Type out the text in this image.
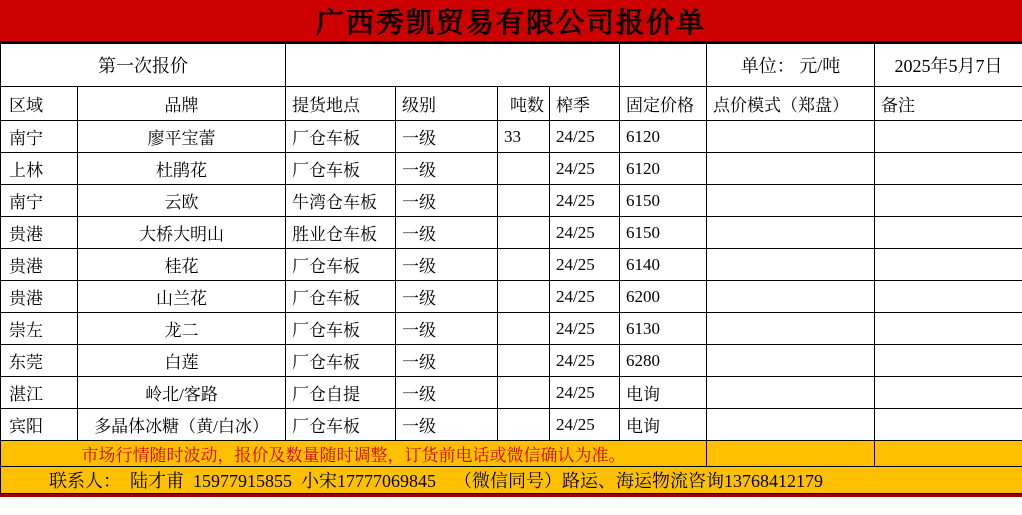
广西秀凯贸易有限公司报价单
第一次报价							单位： 元/吨	2025年5月7日
区域	品牌	提货地点	级别	吨数	榨季	固定价格	点价模式（郑盘）	备注
南宁	廖平宝蕾	厂仓车板	一级	33	24/25	6120		
上林	杜鹃花	厂仓车板	一级		24/25	6120		
南宁	云欧	牛湾仓车板	一级		24/25	6150		
贵港	大桥大明山	胜业仓车板	一级		24/25	6150		
贵港	桂花	厂仓车板	一级		24/25	6140		
贵港	山兰花	厂仓车板	一级		24/25	6200		
崇左	龙二	厂仓车板	一级		24/25	6130		
东莞	白莲	厂仓车板	一级		24/25	6280		
湛江	岭北/客路	厂仓自提	一级		24/25	电询		
宾阳	多晶体冰糖（黄/白冰）	厂仓车板	一级		24/25	电询		
市场行情随时波动，报价及数量随时调整，订货前电话或微信确认为准。								
联系人：  陆才甫  15977915855  小宋17777069845    （微信同号）路运、海运物流咨询13768412179								
